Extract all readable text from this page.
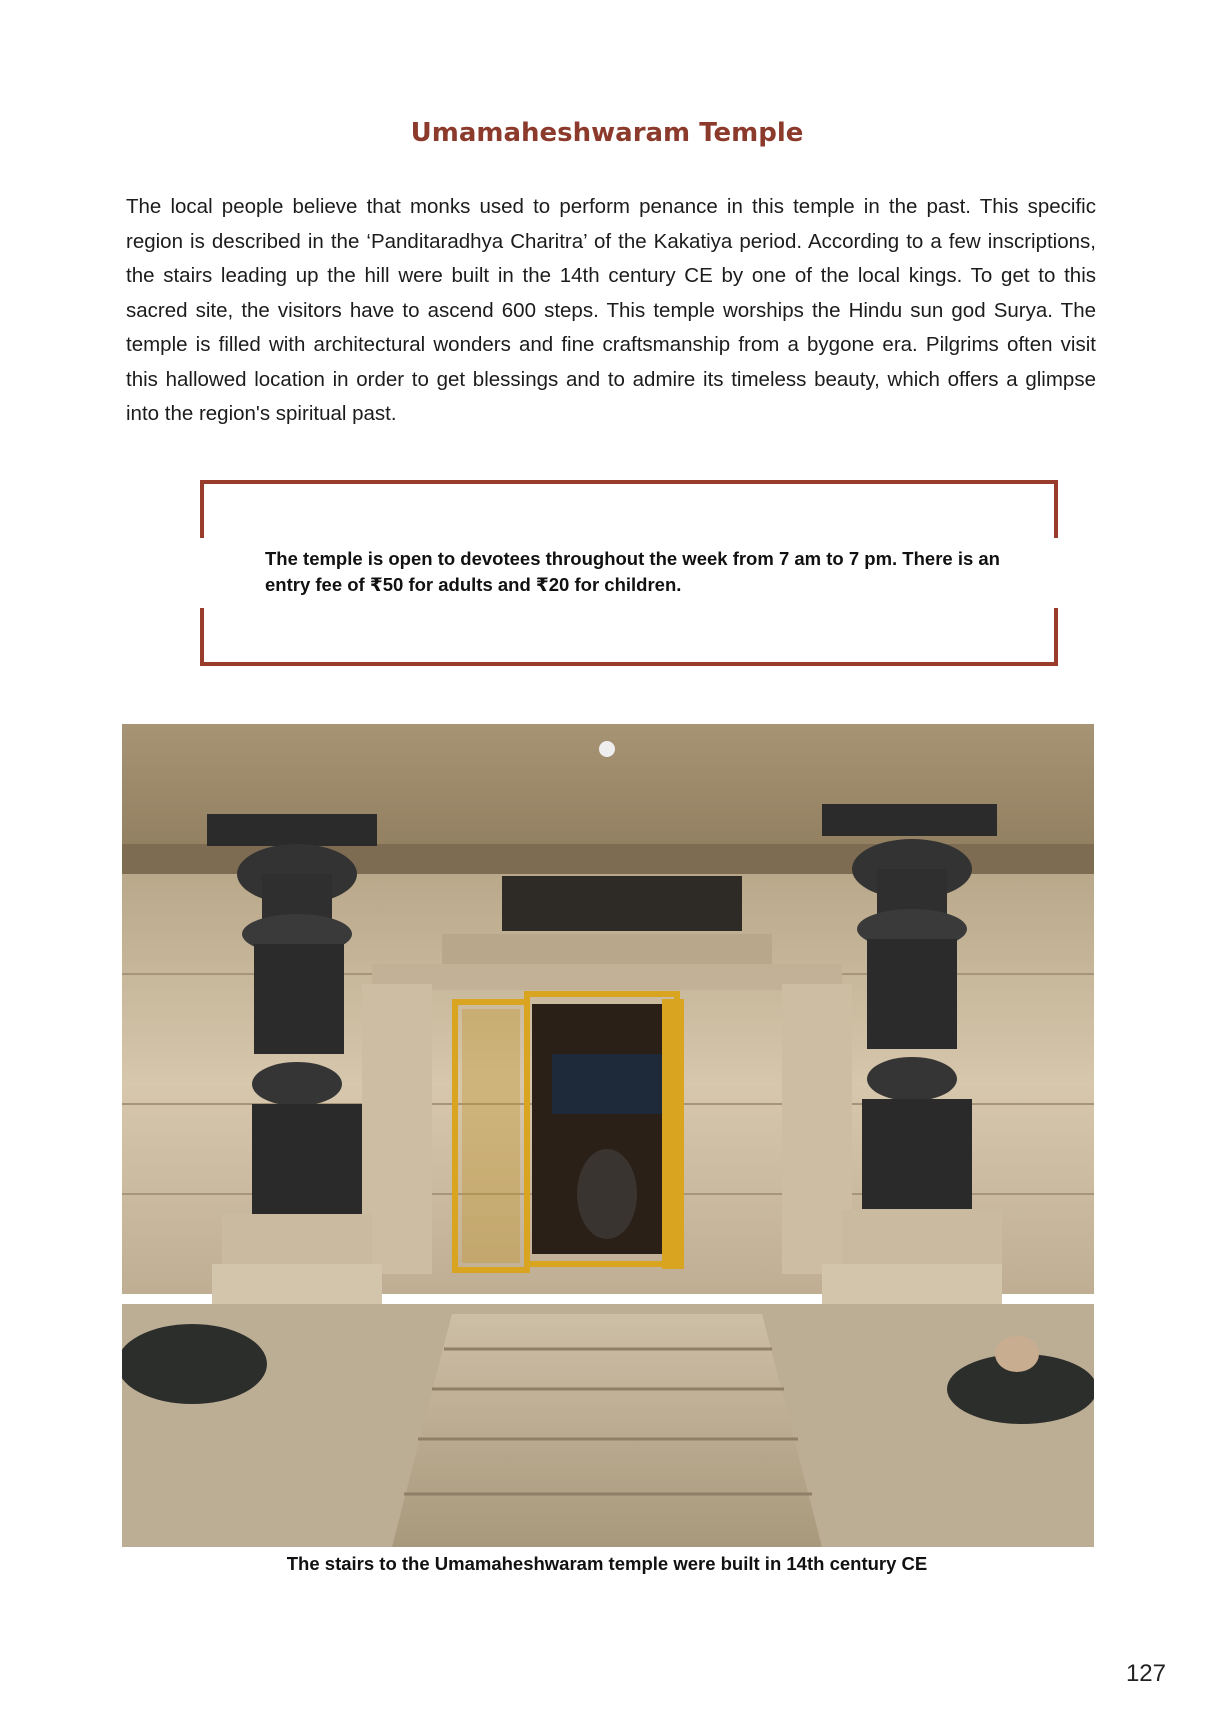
Umamaheshwaram Temple
The local people believe that monks used to perform penance in this temple in the past. This specific region is described in the ‘Panditaradhya Charitra’ of the Kakatiya period. According to a few inscriptions, the stairs leading up the hill were built in the 14th century CE by one of the local kings. To get to this sacred site, the visitors have to ascend 600 steps. This temple worships the Hindu sun god Surya. The temple is filled with architectural wonders and fine craftsmanship from a bygone era. Pilgrims often visit this hallowed location in order to get blessings and to admire its timeless beauty, which offers a glimpse into the region's spiritual past.
The temple is open to devotees throughout the week from 7 am to 7 pm. There is an entry fee of ₹50 for adults and ₹20 for children.
The stairs to the Umamaheshwaram temple were built in 14th century CE
127
